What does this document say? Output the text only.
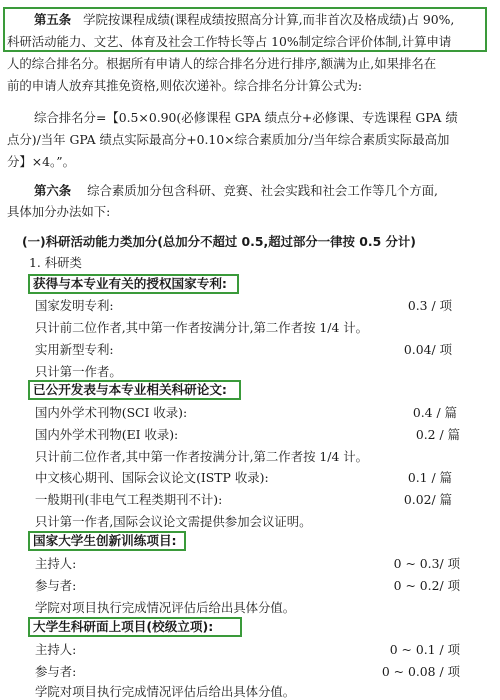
第五条 学院按课程成绩(课程成绩按照高分计算,而非首次及格成绩)占 90%,
科研活动能力、文艺、体育及社会工作特长等占 10%制定综合评价体制,计算申请
人的综合排名分。根据所有申请人的综合排名分进行排序,额满为止,如果排名在
前的申请人放弃其推免资格,则依次递补。综合排名分计算公式为:
综合排名分=【0.5×0.90(必修课程 GPA 绩点分+必修课、专选课程 GPA 绩
点分)/当年 GPA 绩点实际最高分+0.10×综合素质加分/当年综合素质实际最高加
分】×4。”。
第六条 综合素质加分包含科研、竞赛、社会实践和社会工作等几个方面,
具体加分办法如下:
(一)科研活动能力类加分(总加分不超过 0.5,超过部分一律按 0.5 分计)
1. 科研类
获得与本专业有关的授权国家专利:
国家发明专利:	0.3 / 项
只计前二位作者,其中第一作者按满分计,第二作者按 1/4 计。
实用新型专利:	0.04/ 项
只计第一作者。
已公开发表与本专业相关科研论文:
国内外学术刊物(SCI 收录):	0.4 / 篇
国内外学术刊物(EI 收录):	0.2 / 篇
只计前二位作者,其中第一作者按满分计,第二作者按 1/4 计。
中文核心期刊、国际会议论文(ISTP 收录):	0.1 / 篇
一般期刊(非电气工程类期刊不计):	0.02/ 篇
只计第一作者,国际会议论文需提供参加会议证明。
国家大学生创新训练项目:
主持人:	0 ~ 0.3/ 项
参与者:	0 ~ 0.2/ 项
学院对项目执行完成情况评估后给出具体分值。
大学生科研面上项目(校级立项):
主持人:	0 ~ 0.1 / 项
参与者:	0 ~ 0.08 / 项
学院对项目执行完成情况评估后给出具体分值。
